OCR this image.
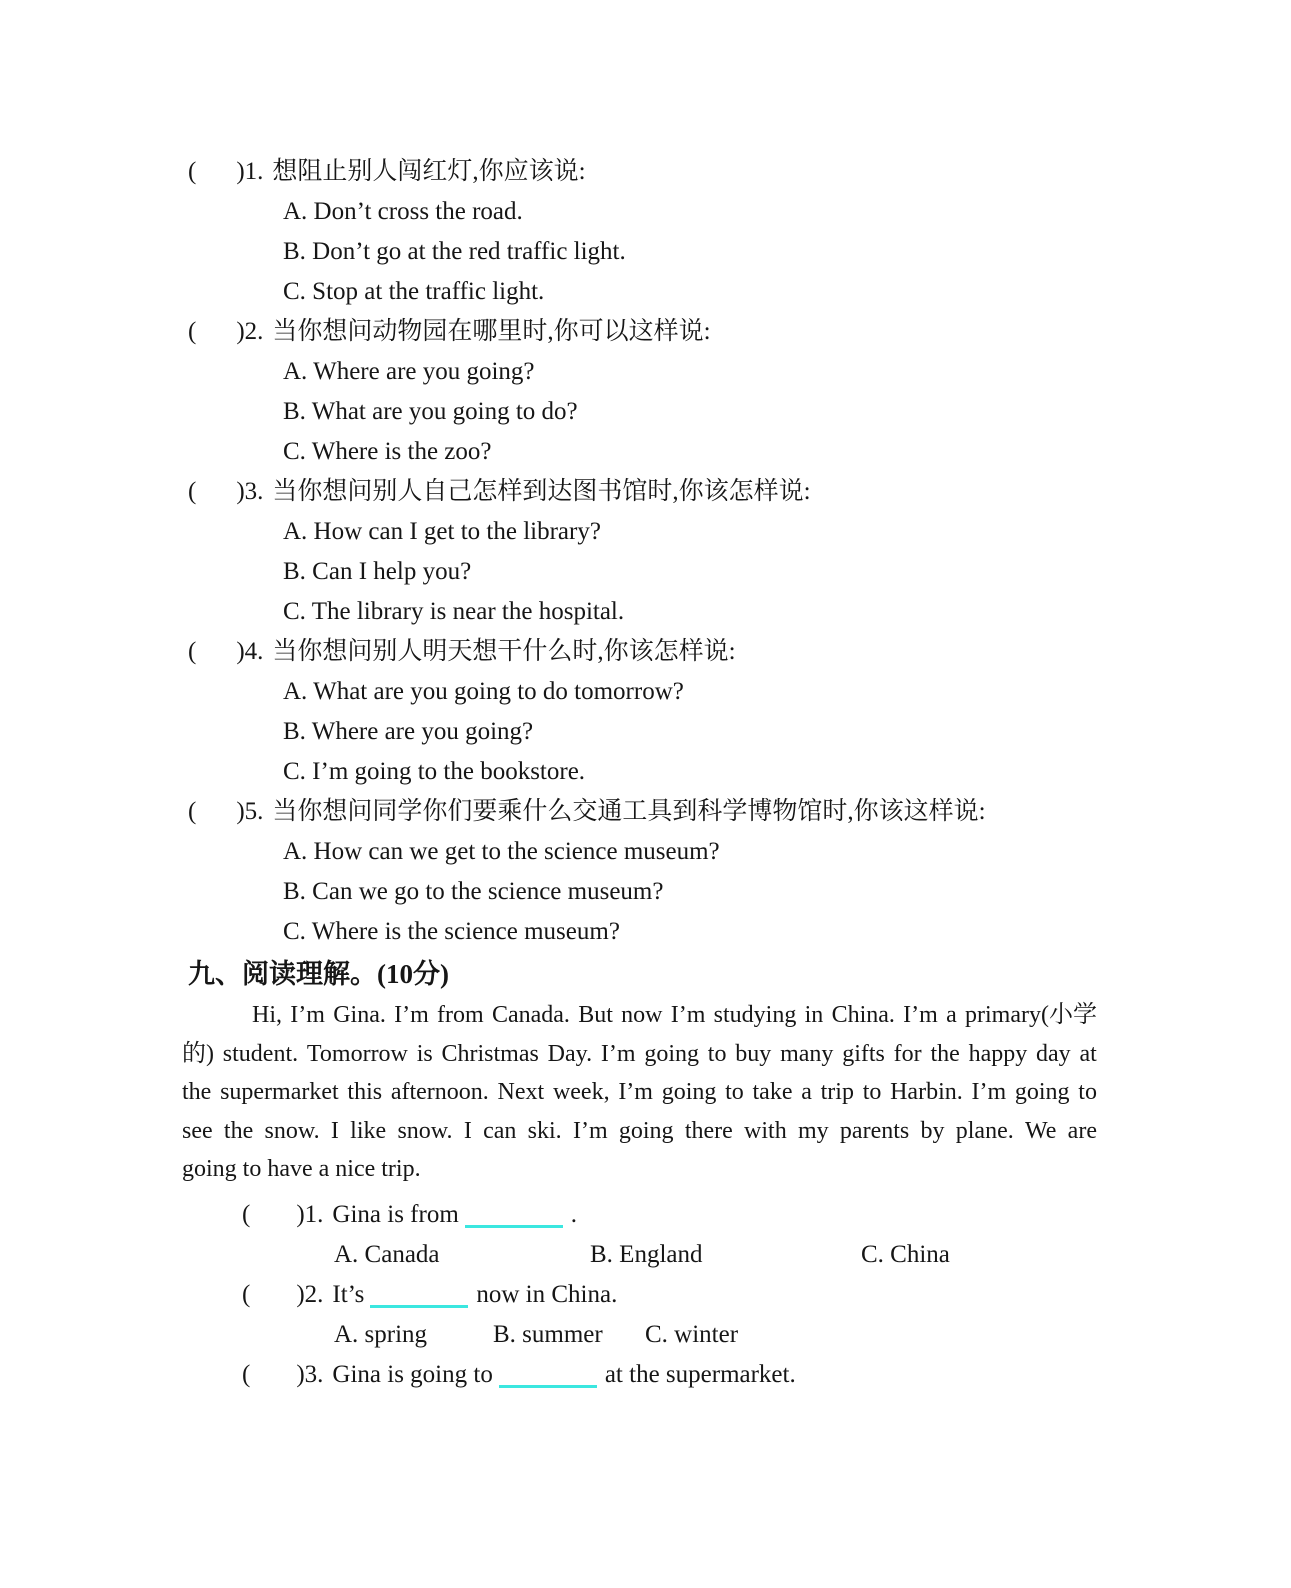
( )1. 想阻止别人闯红灯,你应该说:
A. Don’t cross the road.
B. Don’t go at the red traffic light.
C. Stop at the traffic light.
( )2. 当你想问动物园在哪里时,你可以这样说:
A. Where are you going?
B. What are you going to do?
C. Where is the zoo?
( )3. 当你想问别人自己怎样到达图书馆时,你该怎样说:
A. How can I get to the library?
B. Can I help you?
C. The library is near the hospital.
( )4. 当你想问别人明天想干什么时,你该怎样说:
A. What are you going to do tomorrow?
B. Where are you going?
C. I’m going to the bookstore.
( )5. 当你想问同学你们要乘什么交通工具到科学博物馆时,你该这样说:
A. How can we get to the science museum?
B. Can we go to the science museum?
C. Where is the science museum?
九、阅读理解。(10分)
Hi, I’m Gina. I’m from Canada. But now I’m studying in China. I’m a primary(小学
的) student. Tomorrow is Christmas Day. I’m going to buy many gifts for the happy day at
the supermarket this afternoon. Next week, I’m going to take a trip to Harbin. I’m going to
see the snow. I like snow. I can ski. I’m going there with my parents by plane. We are
going to have a nice trip.
( )1. Gina is from	.
A. Canada	B. England	C. China
( )2. It’s	now in China.
A. spring	B. summer C. winter
( )3. Gina is going to	at the supermarket.
